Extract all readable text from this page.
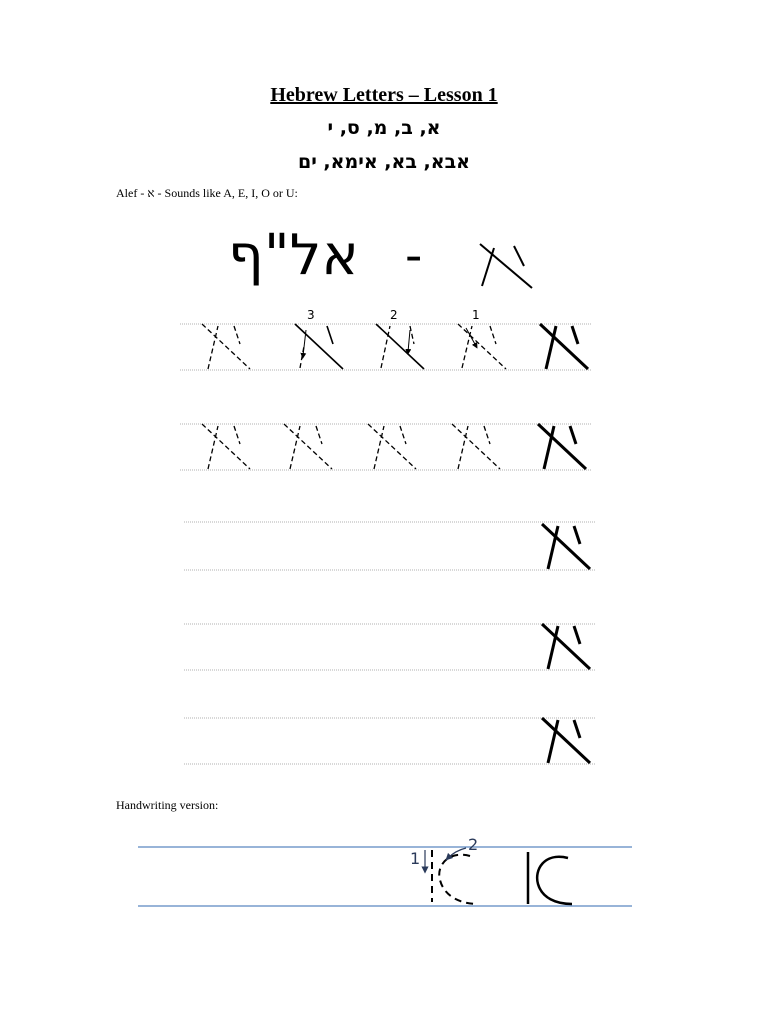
Hebrew Letters – Lesson 1
א, ב, מ, ס, י
אבא, בא, אימא, ים
Alef - א - Sounds like A, E, I, O or U:
אל"ף -
Handwriting version:
3	2	1
1
2
